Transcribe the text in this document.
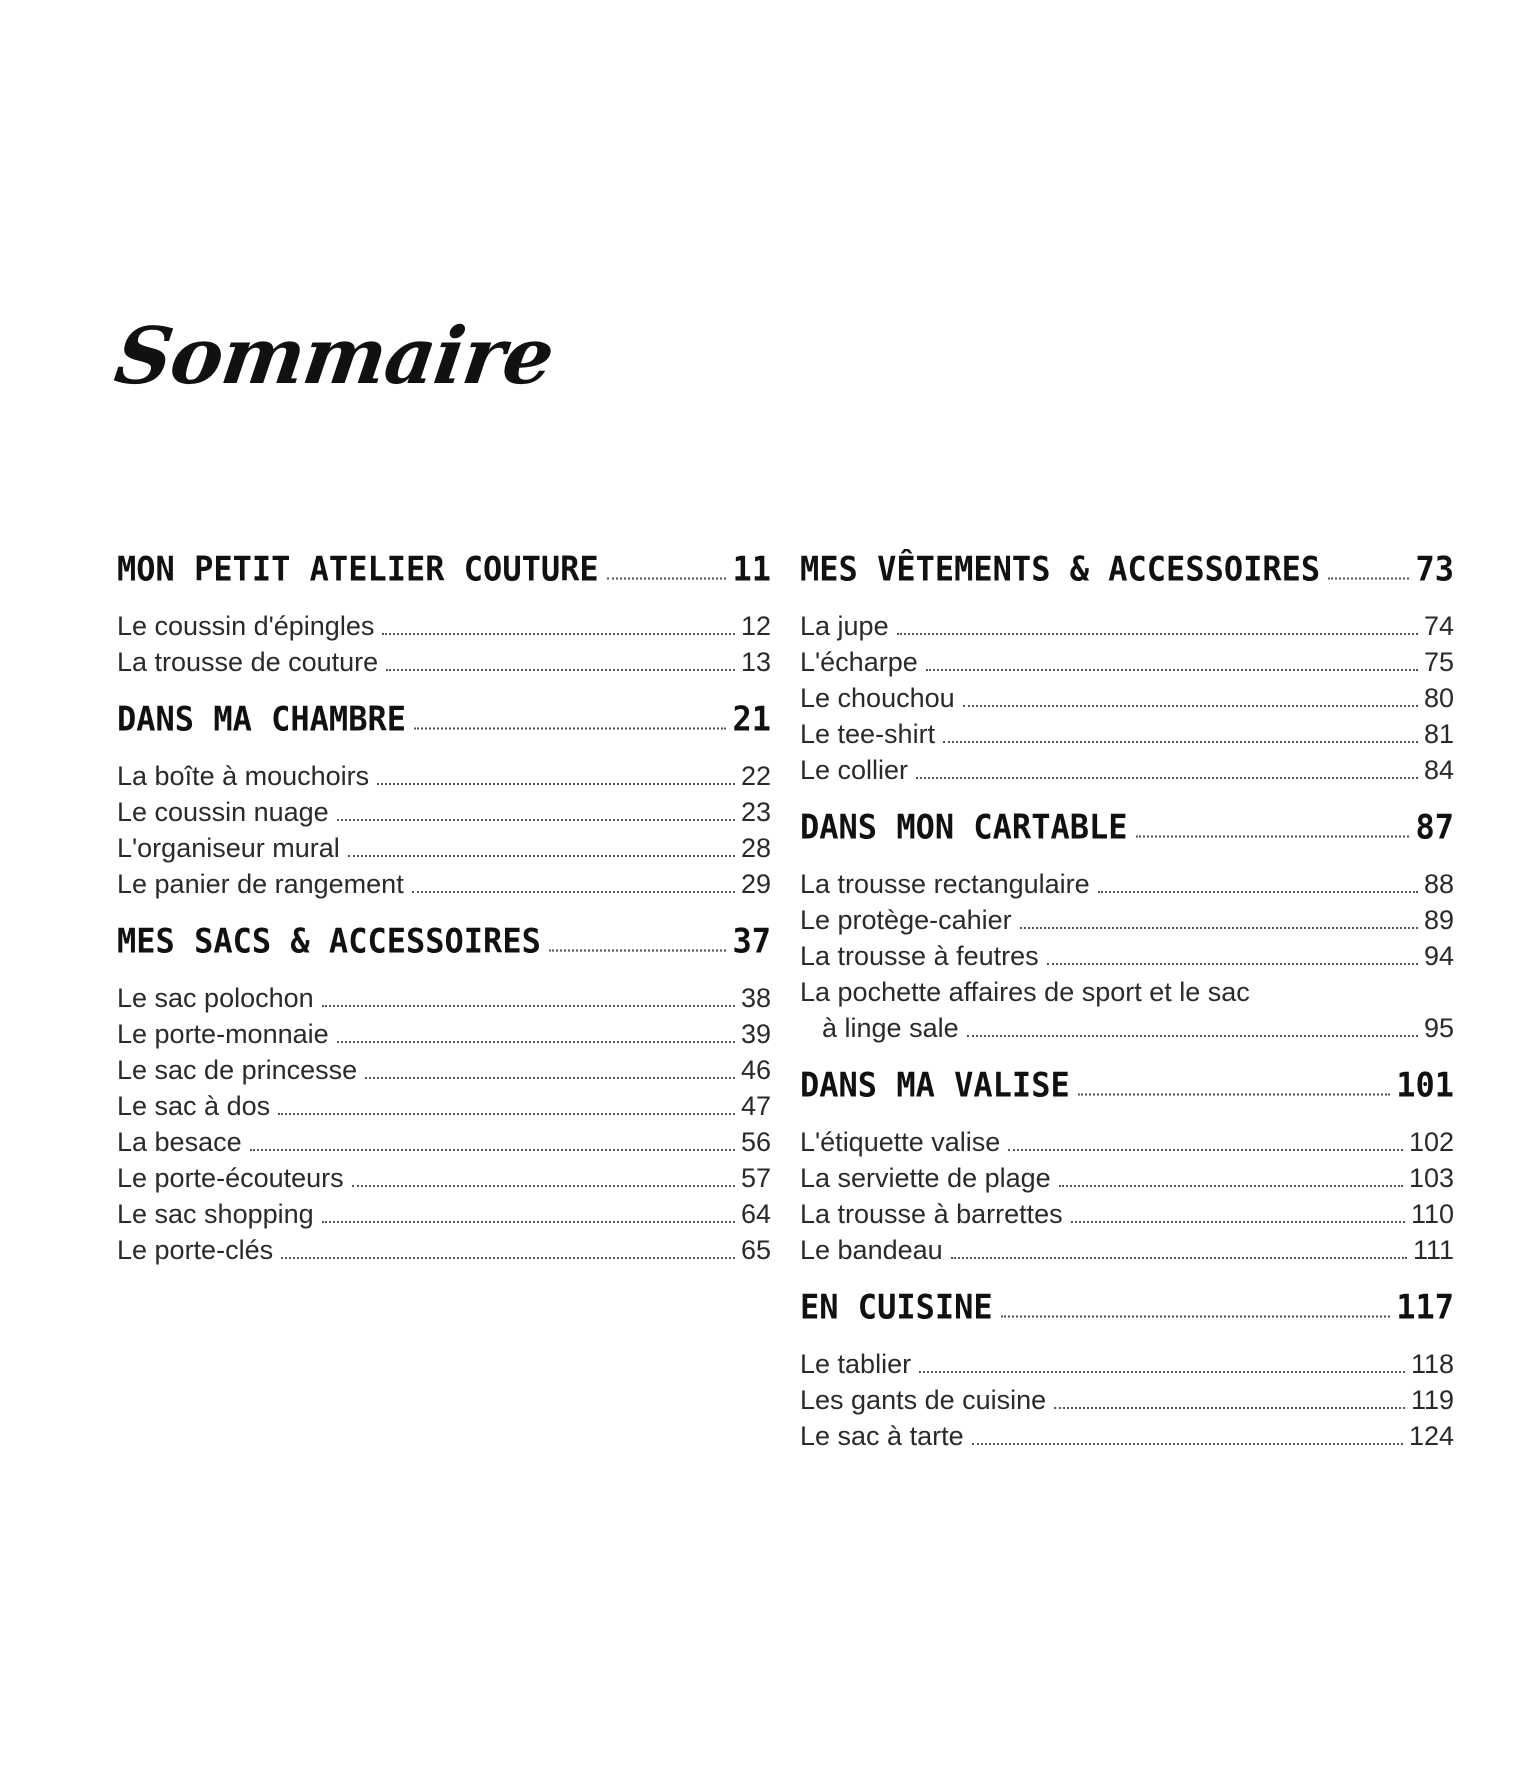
Sommaire
MON PETIT ATELIER COUTURE	11
Le coussin d'épingles	12
La trousse de couture	13
DANS MA CHAMBRE	21
La boîte à mouchoirs	22
Le coussin nuage	23
L'organiseur mural	28
Le panier de rangement	29
MES SACS & ACCESSOIRES	37
Le sac polochon	38
Le porte-monnaie	39
Le sac de princesse	46
Le sac à dos	47
La besace	56
Le porte-écouteurs	57
Le sac shopping	64
Le porte-clés	65
MES VÊTEMENTS & ACCESSOIRES	73
La jupe	74
L'écharpe	75
Le chouchou	80
Le tee-shirt	81
Le collier	84
DANS MON CARTABLE	87
La trousse rectangulaire	88
Le protège-cahier	89
La trousse à feutres	94
La pochette affaires de sport et le sac
à linge sale	95
DANS MA VALISE	101
L'étiquette valise	102
La serviette de plage	103
La trousse à barrettes	110
Le bandeau	111
EN CUISINE	117
Le tablier	118
Les gants de cuisine	119
Le sac à tarte	124
